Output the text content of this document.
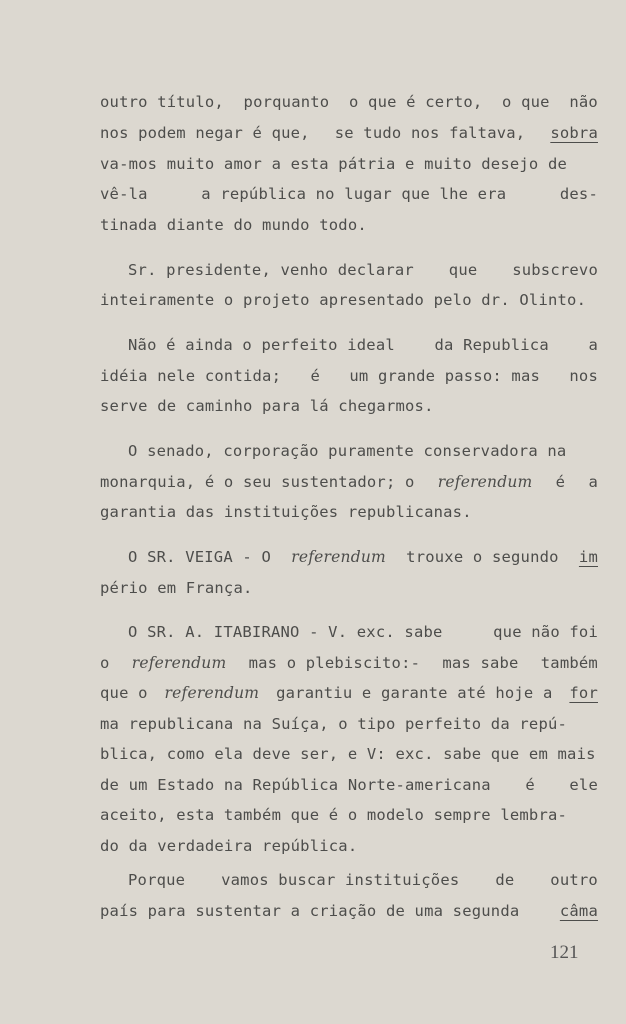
outro título, porquanto o que é certo, o que não
nos podem negar é que, se tudo nos faltava, sobra
va-mos muito amor a esta pátria e muito desejo de
vê-la	a república no lugar que lhe era	des-
tinada diante do mundo todo.
Sr. presidente, venho declarar que subscrevo
inteiramente o projeto apresentado pelo dr. Olinto.
Não é ainda o perfeito ideal	da Republica	a
idéia nele contida; é um grande passo: mas nos
serve de caminho para lá chegarmos.
O senado, corporação puramente conservadora na
monarquia, é o seu sustentador; o referendum é a
garantia das instituições republicanas.
O SR. VEIGA - O referendum trouxe o segundo im
pério em França.
O SR. A. ITABIRANO - V. exc. sabe	que não foi
o referendum mas o plebiscito:- mas sabe também
que o referendum garantiu e garante até hoje a for
ma republicana na Suíça, o tipo perfeito da repú-
blica, como ela deve ser, e V: exc. sabe que em mais
de um Estado na República Norte-americana é ele
aceito, esta também que é o modelo sempre lembra-
do da verdadeira república.
Porque vamos buscar instituições de outro
país para sustentar a criação de uma segunda	câma
121
